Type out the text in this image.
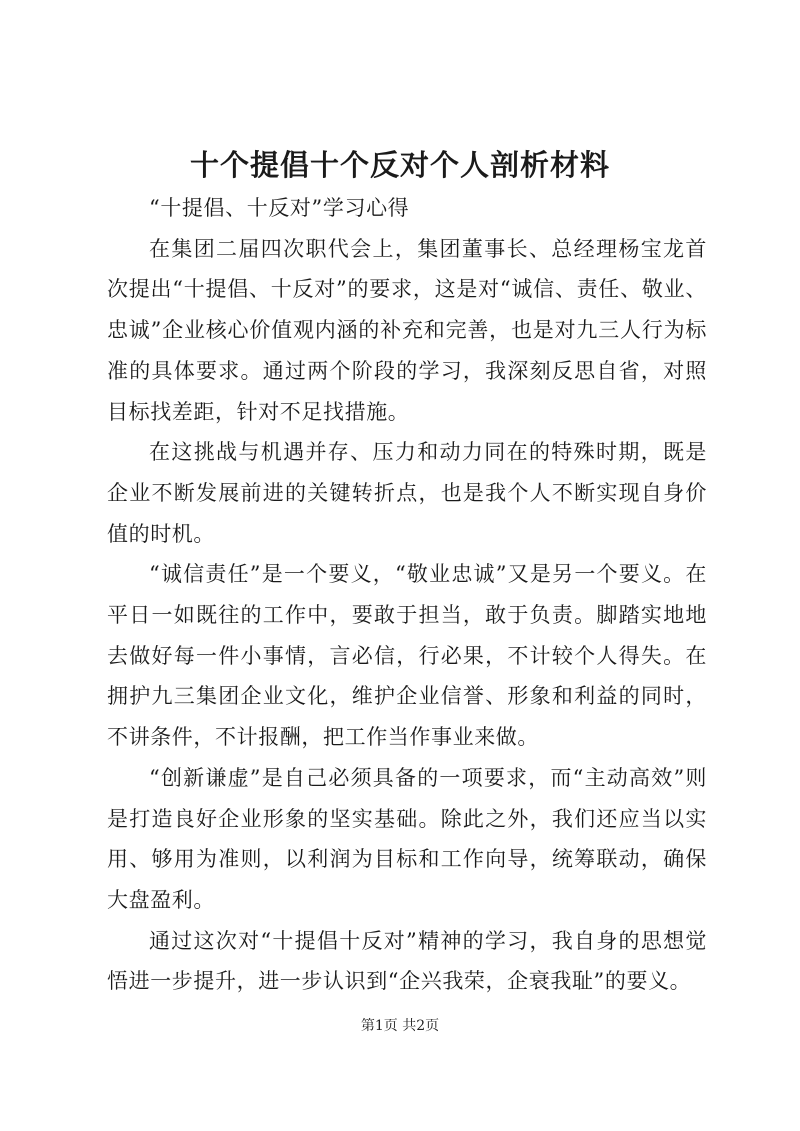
十个提倡十个反对个人剖析材料

“十提倡、十反对”学习心得

在集团二届四次职代会上，集团董事长、总经理杨宝龙首次提出“十提倡、十反对”的要求，这是对“诚信、责任、敬业、忠诚”企业核心价值观内涵的补充和完善，也是对九三人行为标准的具体要求。通过两个阶段的学习，我深刻反思自省，对照目标找差距，针对不足找措施。

在这挑战与机遇并存、压力和动力同在的特殊时期，既是企业不断发展前进的关键转折点，也是我个人不断实现自身价值的时机。

“诚信责任”是一个要义，“敬业忠诚”又是另一个要义。在平日一如既往的工作中，要敢于担当，敢于负责。脚踏实地地去做好每一件小事情，言必信，行必果，不计较个人得失。在拥护九三集团企业文化，维护企业信誉、形象和利益的同时，不讲条件，不计报酬，把工作当作事业来做。

“创新谦虚”是自己必须具备的一项要求，而“主动高效”则是打造良好企业形象的坚实基础。除此之外，我们还应当以实用、够用为准则，以利润为目标和工作向导，统筹联动，确保大盘盈利。

通过这次对“十提倡十反对”精神的学习，我自身的思想觉悟进一步提升，进一步认识到“企兴我荣，企衰我耻”的要义。

第1页 共2页
